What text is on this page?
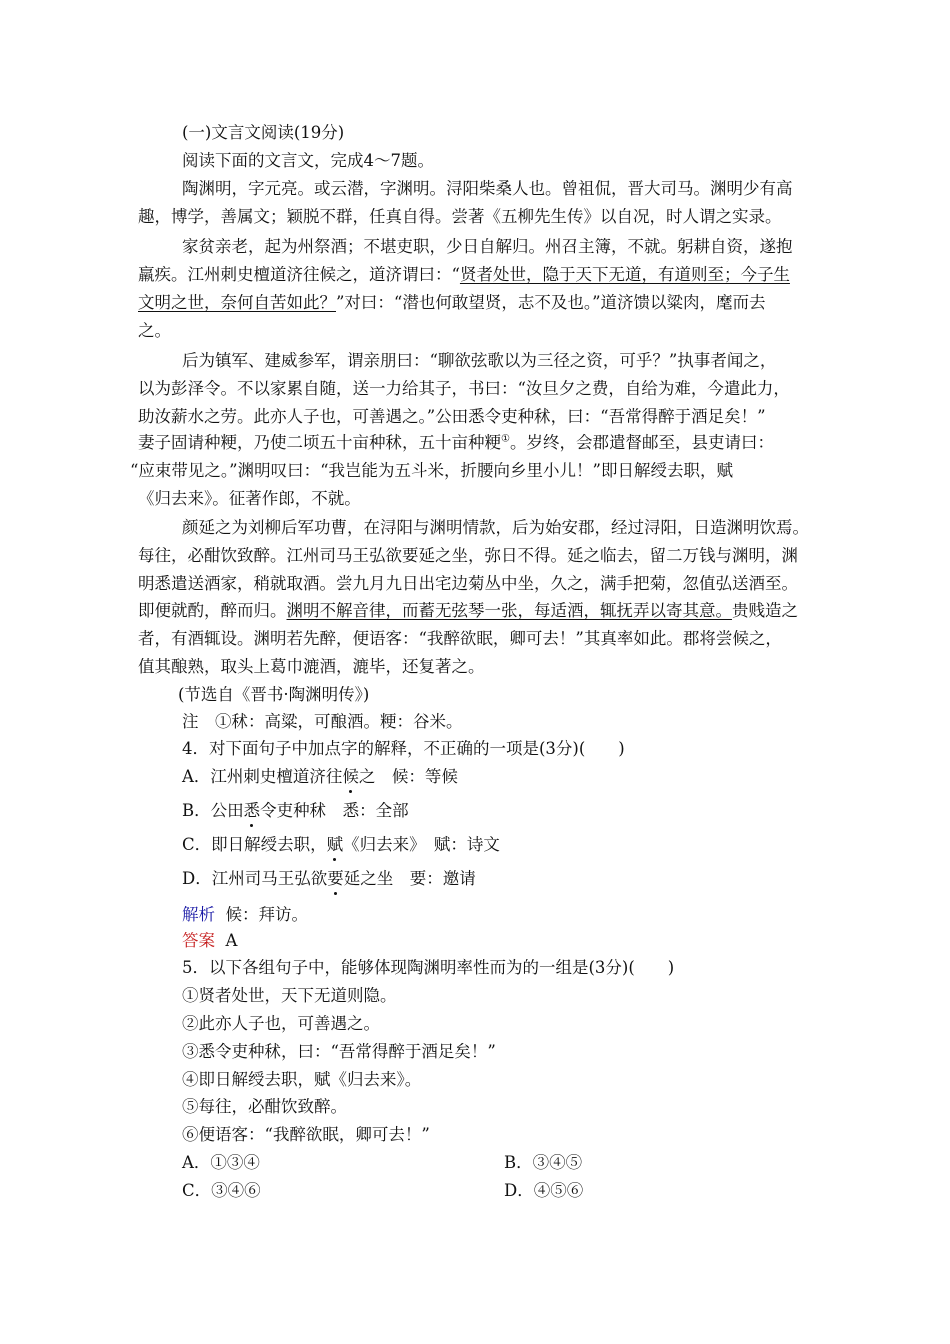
(一)文言文阅读(19分)
阅读下面的文言文，完成4～7题。
陶渊明，字元亮。或云潜，字渊明。浔阳柴桑人也。曾祖侃，晋大司马。渊明少有高
趣，博学，善属文；颖脱不群，任真自得。尝著《五柳先生传》以自况，时人谓之实录。
家贫亲老，起为州祭酒；不堪吏职，少日自解归。州召主簿，不就。躬耕自资，遂抱
羸疾。江州刺史檀道济往候之，道济谓曰：“贤者处世，隐于天下无道，有道则至；今子生
文明之世，奈何自苦如此？”对曰：“潜也何敢望贤，志不及也。”道济馈以粱肉，麾而去
之。
后为镇军、建威参军，谓亲朋曰：“聊欲弦歌以为三径之资，可乎？”执事者闻之，
以为彭泽令。不以家累自随，送一力给其子，书曰：“汝旦夕之费，自给为难，今遣此力，
助汝薪水之劳。此亦人子也，可善遇之。”公田悉令吏种秫，曰：“吾常得醉于酒足矣！”
妻子固请种粳，乃使二顷五十亩种秫，五十亩种粳①。岁终，会郡遣督邮至，县吏请曰：
“应束带见之。”渊明叹曰：“我岂能为五斗米，折腰向乡里小儿！”即日解绶去职，赋
《归去来》。征著作郎，不就。
颜延之为刘柳后军功曹，在浔阳与渊明情款，后为始安郡，经过浔阳，日造渊明饮焉。
每往，必酣饮致醉。江州司马王弘欲要延之坐，弥日不得。延之临去，留二万钱与渊明，渊
明悉遣送酒家，稍就取酒。尝九月九日出宅边菊丛中坐，久之，满手把菊，忽值弘送酒至。
即便就酌，醉而归。渊明不解音律，而蓄无弦琴一张，每适酒，辄抚弄以寄其意。贵贱造之
者，有酒辄设。渊明若先醉，便语客：“我醉欲眠，卿可去！”其真率如此。郡将尝候之，
值其酿熟，取头上葛巾漉酒，漉毕，还复著之。
(节选自《晋书·陶渊明传》)
注　①秫：高粱，可酿酒。粳：谷米。
4．对下面句子中加点字的解释，不正确的一项是(3分)(　　)
A．江州刺史檀道济往候之　候：等候
B．公田悉令吏种秫　悉：全部
C．即日解绶去职，赋《归去来》　赋：诗文
D．江州司马王弘欲要延之坐　要：邀请
解析 候：拜访。
答案 A
5．以下各组句子中，能够体现陶渊明率性而为的一组是(3分)(　　)
①贤者处世，天下无道则隐。
②此亦人子也，可善遇之。
③悉令吏种秫，曰：“吾常得醉于酒足矣！”
④即日解绶去职，赋《归去来》。
⑤每往，必酣饮致醉。
⑥便语客：“我醉欲眠，卿可去！”
A．①③④	B．③④⑤
C．③④⑥	D．④⑤⑥
